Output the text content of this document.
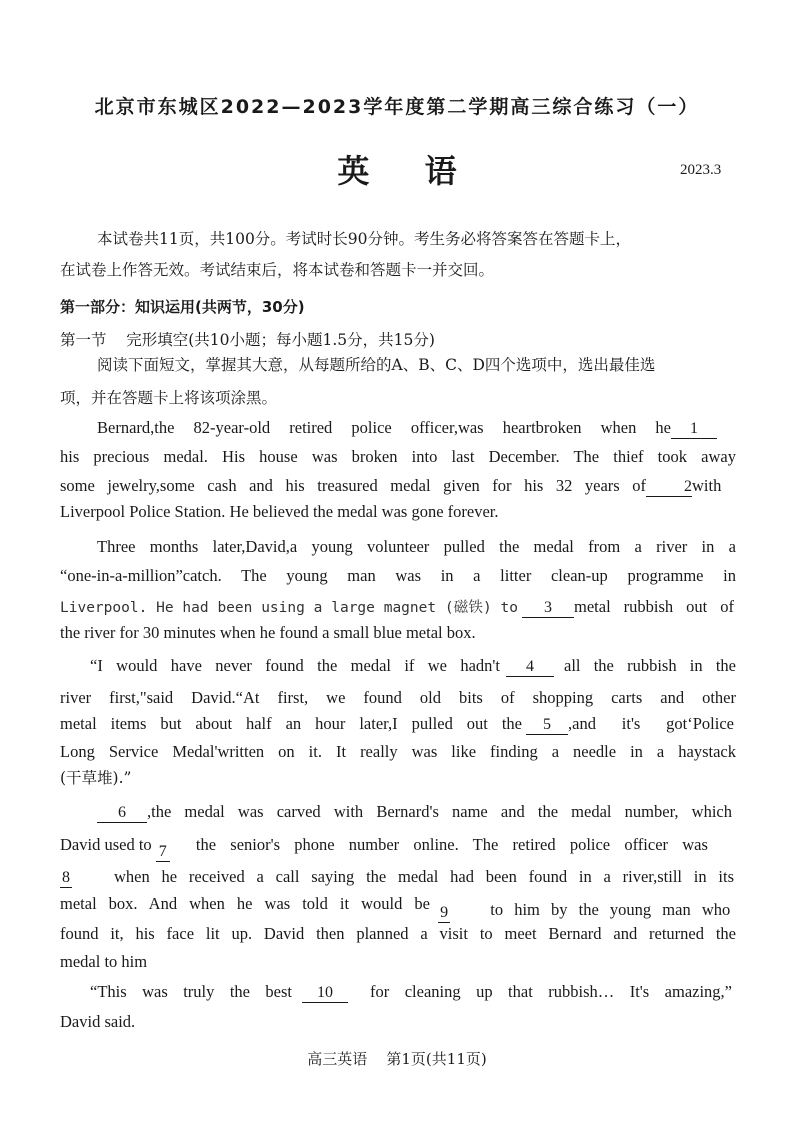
北京市东城区2022—2023学年度第二学期高三综合练习（一）
英 语	2023.3
本试卷共11页，共100分。考试时长90分钟。考生务必将答案答在答题卡上，
在试卷上作答无效。考试结束后，将本试卷和答题卡一并交回。
第一部分：知识运用(共两节，30分)
第一节 完形填空(共10小题；每小题1.5分，共15分)
阅读下面短文，掌握其大意，从每题所给的A、B、C、D四个选项中，选出最佳选
项，并在答题卡上将该项涂黑。
Bernard,the 82-year-old retired police officer,was heartbroken when he 1
his precious medal. His house was broken into last December. The thief took away
some jewelry,some cash and his treasured medal given for his 32 years of 2with
Liverpool Police Station. He believed the medal was gone forever.
Three months later,David,a young volunteer pulled the medal from a river in a
“one-in-a-million”catch. The young man was in a litter clean-up programme in
Liverpool. He had been using a large magnet (磁铁) to 3 metal rubbish out of
the river for 30 minutes when he found a small blue metal box.
“I would have never found the medal if we hadn't 4 all the rubbish in the
river first,"said David.“At first, we found old bits of shopping carts and other
metal items but about half an hour later,I pulled out the 5 ,and it's got‘Police
Long Service Medal'written on it. It really was like finding a needle in a haystack
(干草堆).”
6 ,the medal was carved with Bernard's name and the medal number, which
David used to 7 the senior's phone number online. The retired police officer was
8	when he received a call saying the medal had been found in a river,still in its
metal box. And when he was told it would be 9	to him by the young man who
found it, his face lit up. David then planned a visit to meet Bernard and returned the
medal to him
“This was truly the best 10 for cleaning up that rubbish… It's amazing,”
David said.
高三英语 第1页(共11页)
